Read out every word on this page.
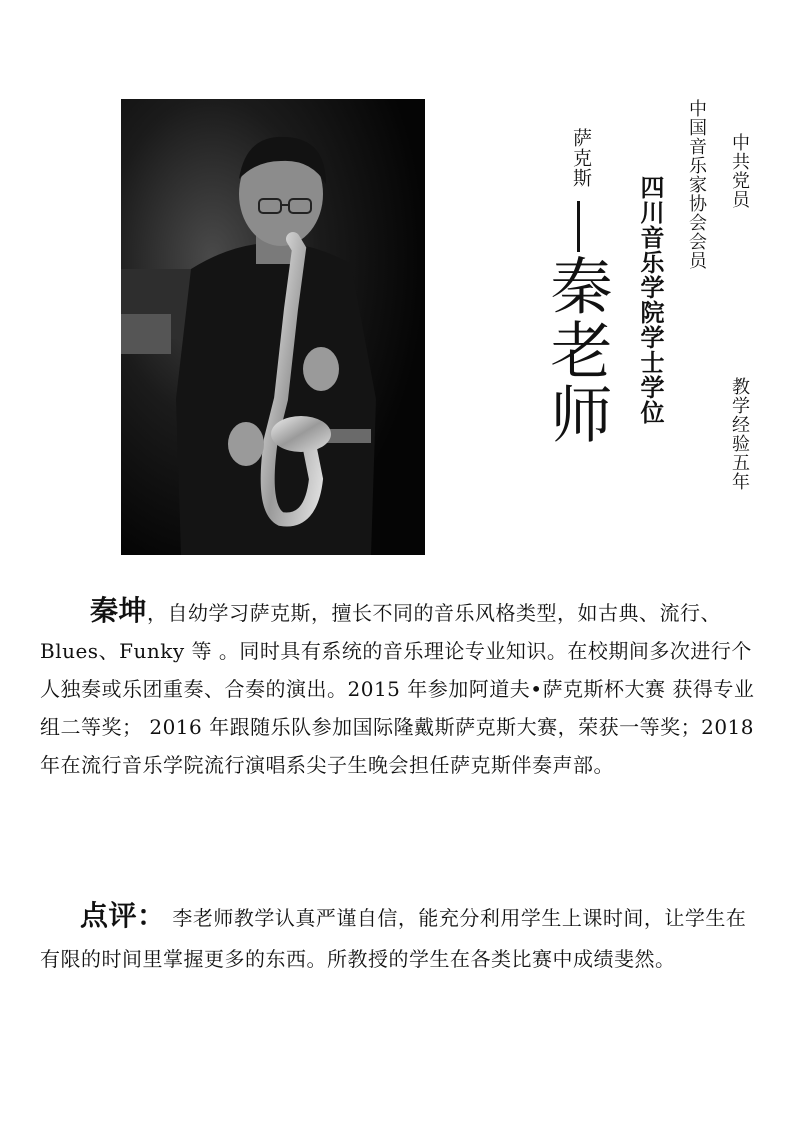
萨克斯
秦老师 四川音乐学院学士学位 中国音乐家协会会员 中共党员
教学经验五年

秦坤，自幼学习萨克斯，擅长不同的音乐风格类型，如古典、流行、Blues、Funky 等 。同时具有系统的音乐理论专业知识。在校期间多次进行个人独奏或乐团重奏、合奏的演出。2015 年参加阿道夫•萨克斯杯大赛 获得专业组二等奖； 2016 年跟随乐队参加国际隆戴斯萨克斯大赛，荣获一等奖；2018 年在流行音乐学院流行演唱系尖子生晚会担任萨克斯伴奏声部。

点评： 李老师教学认真严谨自信，能充分利用学生上课时间，让学生在有限的时间里掌握更多的东西。所教授的学生在各类比赛中成绩斐然。
